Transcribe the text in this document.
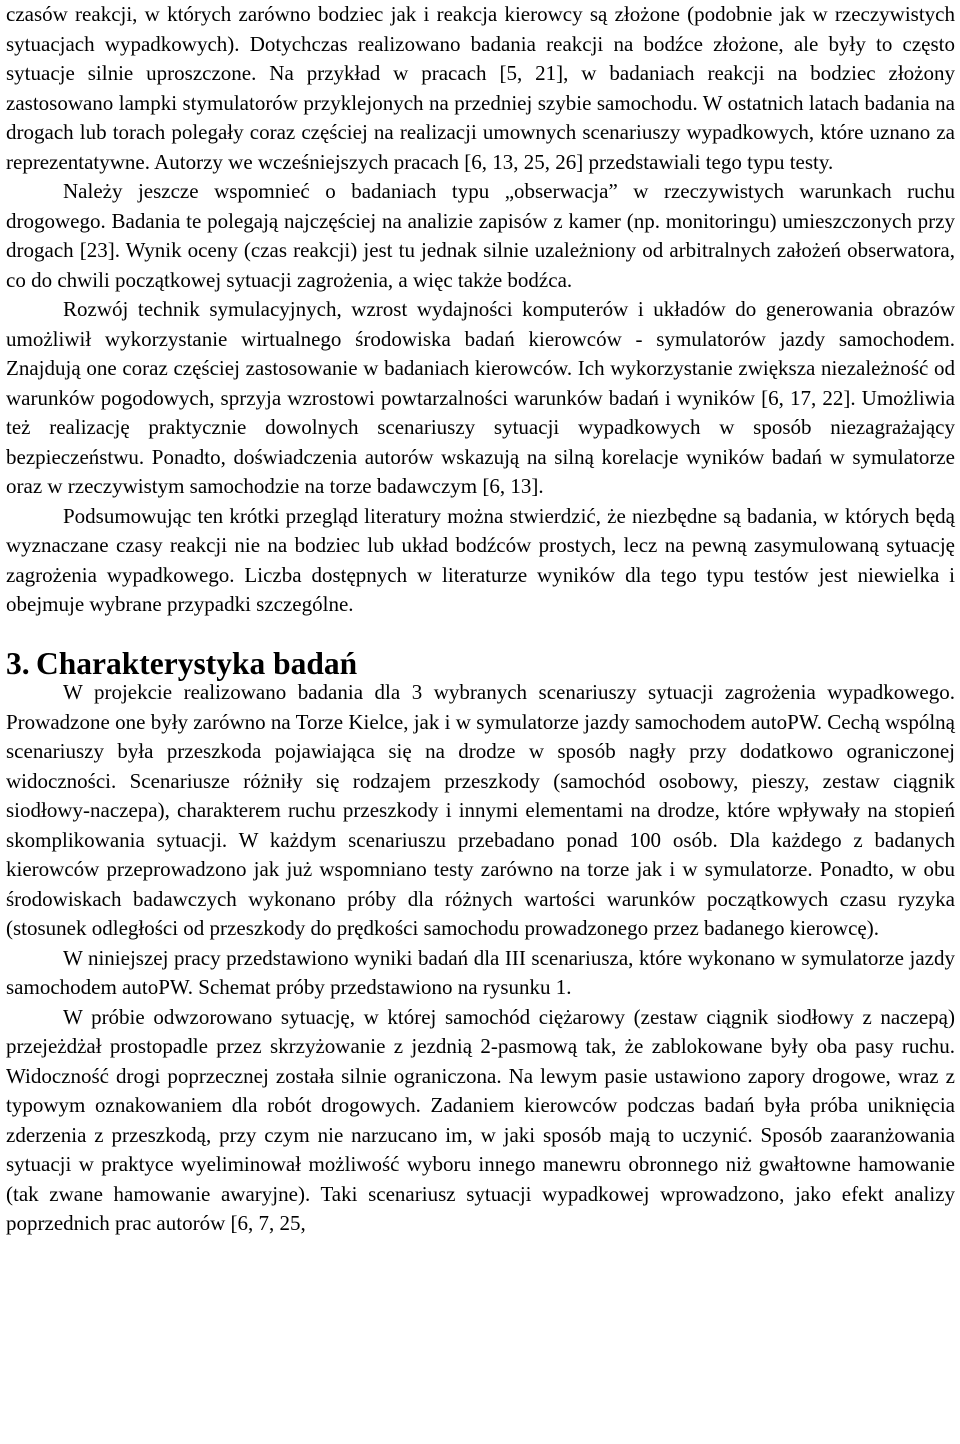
czasów reakcji, w których zarówno bodziec jak i reakcja kierowcy są złożone (podobnie jak w rzeczywistych sytuacjach wypadkowych). Dotychczas realizowano badania reakcji na bodźce złożone, ale były to często sytuacje silnie uproszczone. Na przykład w pracach [5, 21], w badaniach reakcji na bodziec złożony zastosowano lampki stymulatorów przyklejonych na przedniej szybie samochodu. W ostatnich latach badania na drogach lub torach polegały coraz częściej na realizacji umownych scenariuszy wypadkowych, które uznano za reprezentatywne. Autorzy we wcześniejszych pracach [6, 13, 25, 26] przedstawiali tego typu testy.

Należy jeszcze wspomnieć o badaniach typu „obserwacja” w rzeczywistych warunkach ruchu drogowego. Badania te polegają najczęściej na analizie zapisów z kamer (np. monitoringu) umieszczonych przy drogach [23]. Wynik oceny (czas reakcji) jest tu jednak silnie uzależniony od arbitralnych założeń obserwatora, co do chwili początkowej sytuacji zagrożenia, a więc także bodźca.

Rozwój technik symulacyjnych, wzrost wydajności komputerów i układów do generowania obrazów umożliwił wykorzystanie wirtualnego środowiska badań kierowców - symulatorów jazdy samochodem. Znajdują one coraz częściej zastosowanie w badaniach kierowców. Ich wykorzystanie zwiększa niezależność od warunków pogodowych, sprzyja wzrostowi powtarzalności warunków badań i wyników [6, 17, 22]. Umożliwia też realizację praktycznie dowolnych scenariuszy sytuacji wypadkowych w sposób niezagrażający bezpieczeństwu. Ponadto, doświadczenia autorów wskazują na silną korelacje wyników badań w symulatorze oraz w rzeczywistym samochodzie na torze badawczym [6, 13].

Podsumowując ten krótki przegląd literatury można stwierdzić, że niezbędne są badania, w których będą wyznaczane czasy reakcji nie na bodziec lub układ bodźców prostych, lecz na pewną zasymulowaną sytuację zagrożenia wypadkowego. Liczba dostępnych w literaturze wyników dla tego typu testów jest niewielka i obejmuje wybrane przypadki szczególne.

3. Charakterystyka badań

W projekcie realizowano badania dla 3 wybranych scenariuszy sytuacji zagrożenia wypadkowego. Prowadzone one były zarówno na Torze Kielce, jak i w symulatorze jazdy samochodem autoPW. Cechą wspólną scenariuszy była przeszkoda pojawiająca się na drodze w sposób nagły przy dodatkowo ograniczonej widoczności. Scenariusze różniły się rodzajem przeszkody (samochód osobowy, pieszy, zestaw ciągnik siodłowy-naczepa), charakterem ruchu przeszkody i innymi elementami na drodze, które wpływały na stopień skomplikowania sytuacji. W każdym scenariuszu przebadano ponad 100 osób. Dla każdego z badanych kierowców przeprowadzono jak już wspomniano testy zarówno na torze jak i w symulatorze. Ponadto, w obu środowiskach badawczych wykonano próby dla różnych wartości warunków początkowych czasu ryzyka (stosunek odległości od przeszkody do prędkości samochodu prowadzonego przez badanego kierowcę).

W niniejszej pracy przedstawiono wyniki badań dla III scenariusza, które wykonano w symulatorze jazdy samochodem autoPW. Schemat próby przedstawiono na rysunku 1.

W próbie odwzorowano sytuację, w której samochód ciężarowy (zestaw ciągnik siodłowy z naczepą) przejeżdżał prostopadle przez skrzyżowanie z jezdnią 2-pasmową tak, że zablokowane były oba pasy ruchu. Widoczność drogi poprzecznej została silnie ograniczona. Na lewym pasie ustawiono zapory drogowe, wraz z typowym oznakowaniem dla robót drogowych. Zadaniem kierowców podczas badań była próba uniknięcia zderzenia z przeszkodą, przy czym nie narzucano im, w jaki sposób mają to uczynić. Sposób zaaranżowania sytuacji w praktyce wyeliminował możliwość wyboru innego manewru obronnego niż gwałtowne hamowanie (tak zwane hamowanie awaryjne). Taki scenariusz sytuacji wypadkowej wprowadzono, jako efekt analizy poprzednich prac autorów [6, 7, 25,
